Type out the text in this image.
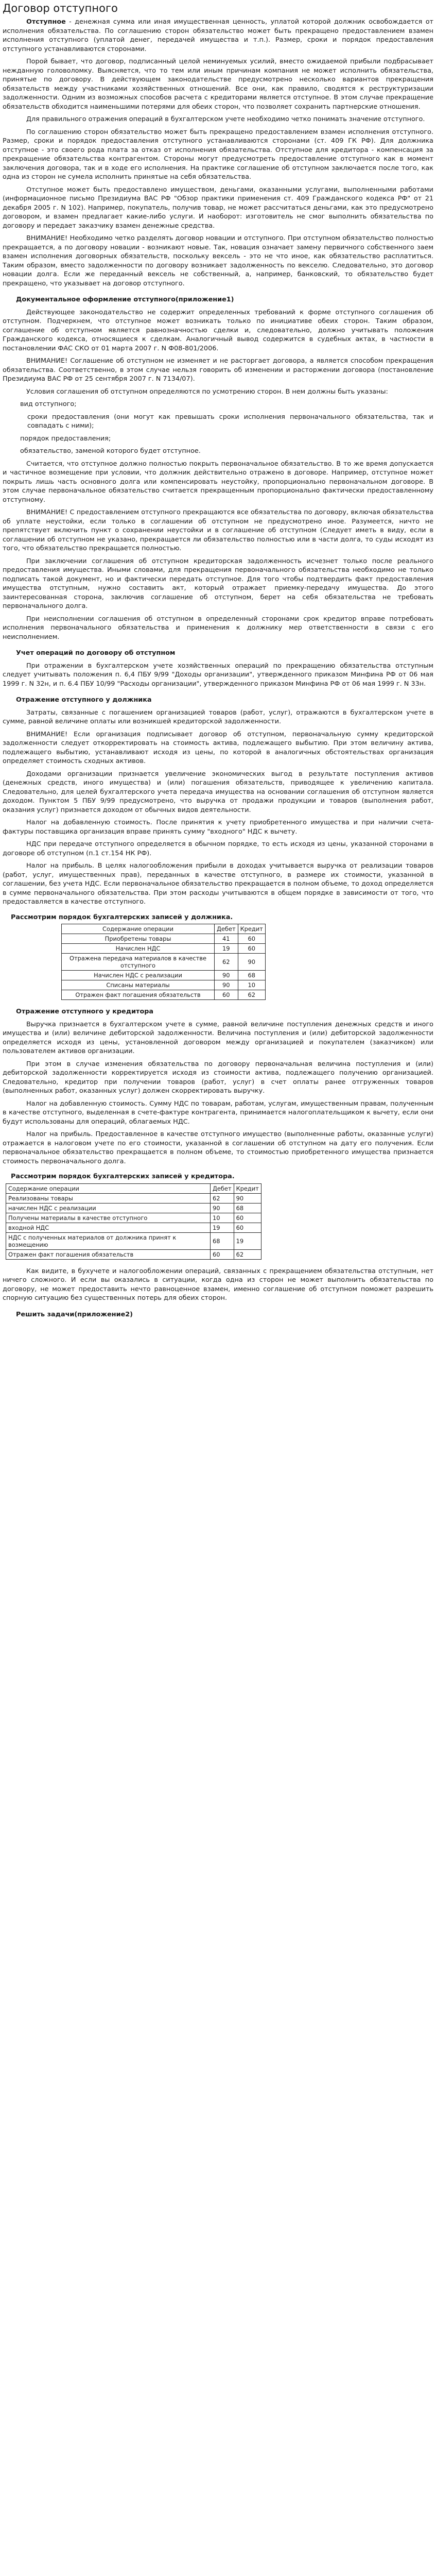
Договор отступного

Отступное - денежная сумма или иная имущественная ценность, уплатой которой должник освобождается от исполнения обязательства. По соглашению сторон обязательство может быть прекращено предоставлением взамен исполнения отступного (уплатой денег, передачей имущества и т.п.). Размер, сроки и порядок предоставления отступного устанавливаются сторонами.

Порой бывает, что договор, подписанный целой неминуемых усилий, вместо ожидаемой прибыли подбрасывает нежданную головоломку. Выясняется, что то тем или иным причинам компания не может исполнить обязательства, принятые по договору. В действующем законодательстве предусмотрено несколько вариантов прекращения обязательств между участниками хозяйственных отношений. Все они, как правило, сводятся к реструктуризации задолженности. Одним из возможных способов расчета с кредиторами является отступное. В этом случае прекращение обязательств обходится наименьшими потерями для обеих сторон, что позволяет сохранить партнерские отношения.

Для правильного отражения операций в бухгалтерском учете необходимо четко понимать значение отступного.

По соглашению сторон обязательство может быть прекращено предоставлением взамен исполнения отступного. Размер, сроки и порядок предоставления отступного устанавливаются сторонами (ст. 409 ГК РФ). Для должника отступное - это своего рода плата за отказ от исполнения обязательства. Отступное для кредитора - компенсация за прекращение обязательства контрагентом. Стороны могут предусмотреть предоставление отступного как в момент заключения договора, так и в ходе его исполнения. На практике соглашение об отступном заключается после того, как одна из сторон не сумела исполнить принятые на себя обязательства.

Отступное может быть предоставлено имуществом, деньгами, оказанными услугами, выполненными работами (информационное письмо Президиума ВАС РФ "Обзор практики применения ст. 409 Гражданского кодекса РФ" от 21 декабря 2005 г. N 102). Например, покупатель, получив товар, не может рассчитаться деньгами, как это предусмотрено договором, и взамен предлагает какие-либо услуги. И наоборот: изготовитель не смог выполнить обязательства по договору и передает заказчику взамен денежные средства.

ВНИМАНИЕ! Необходимо четко разделять договор новации и отступного. При отступном обязательство полностью прекращается, а по договору новации - возникают новые. Так, новация означает замену первичного собственного заем взамен исполнения договорных обязательств, поскольку вексель - это не что иное, как обязательство расплатиться. Таким образом, вместо задолженности по договору возникает задолженность по векселю. Следовательно, это договор новации долга. Если же переданный вексель не собственный, а, например, банковский, то обязательство будет прекращено, что указывает на договор отступного.

Документальное оформление отступного(приложение1)

Действующее законодательство не содержит определенных требований к форме отступного соглашения об отступном. Подчеркнем, что отступное может возникать только по инициативе обеих сторон. Таким образом, соглашение об отступном является равнозначностью сделки и, следовательно, должно учитывать положения Гражданского кодекса, относящиеся к сделкам. Аналогичный вывод содержится в судебных актах, в частности в постановлении ФАС СКО от 01 марта 2007 г. N Ф08-801/2006.

ВНИМАНИЕ! Соглашение об отступном не изменяет и не расторгает договора, а является способом прекращения обязательства. Соответственно, в этом случае нельзя говорить об изменении и расторжении договора (постановление Президиума ВАС РФ от 25 сентября 2007 г. N 7134/07).

Условия соглашения об отступном определяются по усмотрению сторон. В нем должны быть указаны:

вид отступного;

сроки предоставления (они могут как превышать сроки исполнения первоначального обязательства, так и совпадать с ними);

порядок предоставления;

обязательство, заменой которого будет отступное.

Считается, что отступное должно полностью покрыть первоначальное обязательство. В то же время допускается и частичное возмещение при условии, что должник действительно отражено в договоре. Например, отступное может покрыть лишь часть основного долга или компенсировать неустойку, пропорционально первоначальном договоре. В этом случае первоначальное обязательство считается прекращенным пропорционально фактически предоставленному отступному.

ВНИМАНИЕ! С предоставлением отступного прекращаются все обязательства по договору, включая обязательства об уплате неустойки, если только в соглашении об отступном не предусмотрено иное. Разумеется, ничто не препятствует включить пункт о сохранении неустойки и в соглашение об отступном (Следует иметь в виду, если в соглашении об отступном не указано, прекращается ли обязательство полностью или в части долга, то суды исходят из того, что обязательство прекращается полностью.

При заключении соглашения об отступном кредиторская задолженность исчезнет только после реального предоставления имущества. Иными словами, для прекращения первоначального обязательства необходимо не только подписать такой документ, но и фактически передать отступное. Для того чтобы подтвердить факт предоставления имущества отступным, нужно составить акт, который отражает приемку-передачу имущества. До этого заинтересованная сторона, заключив соглашение об отступном, берет на себя обязательства не требовать первоначального долга.

При неисполнении соглашения об отступном в определенный сторонами срок кредитор вправе потребовать исполнения первоначального обязательства и применения к должнику мер ответственности в связи с его неисполнением.

Учет операций по договору об отступном

При отражении в бухгалтерском учете хозяйственных операций по прекращению обязательства отступным следует учитывать положения п. 6,4 ПБУ 9/99 "Доходы организации", утвержденного приказом Минфина РФ от 06 мая 1999 г. N 32н, и п. 6.4 ПБУ 10/99 "Расходы организации", утвержденного приказом Минфина РФ от 06 мая 1999 г. N 33н.

Отражение отступного у должника

Затраты, связанные с погашением организацией товаров (работ, услуг), отражаются в бухгалтерском учете в сумме, равной величине оплаты или возникшей кредиторской задолженности.

ВНИМАНИЕ! Если организация подписывает договор об отступном, первоначальную сумму кредиторской задолженности следует откорректировать на стоимость актива, подлежащего выбытию. При этом величину актива, подлежащего выбытию, устанавливают исходя из цены, по которой в аналогичных обстоятельствах организация определяет стоимость сходных активов.

Доходами организации признается увеличение экономических выгод в результате поступления активов (денежных средств, иного имущества) и (или) погашения обязательств, приводящее к увеличению капитала. Следовательно, для целей бухгалтерского учета передача имущества на основании соглашения об отступном является доходом. Пунктом 5 ПБУ 9/99 предусмотрено, что выручка от продажи продукции и товаров (выполнения работ, оказания услуг) признается доходом от обычных видов деятельности.

Налог на добавленную стоимость. После принятия к учету приобретенного имущества и при наличии счета-фактуры поставщика организация вправе принять сумму "входного" НДС к вычету.

НДС при передаче отступного определяется в обычном порядке, то есть исходя из цены, указанной сторонами в договоре об отступном (п.1 ст.154 НК РФ).

Налог на прибыль. В целях налогообложения прибыли в доходах учитывается выручка от реализации товаров (работ, услуг, имущественных прав), переданных в качестве отступного, в размере их стоимости, указанной в соглашении, без учета НДС. Если первоначальное обязательство прекращается в полном объеме, то доход определяется в сумме первоначального обязательства. При этом расходы учитываются в общем порядке в зависимости от того, что предоставляется в качестве отступного.

Рассмотрим порядок бухгалтерских записей у должника.
Содержание операции	Дебет	Кредит
Приобретены товары	41	60
Начислен НДС	19	60
Отражена передача материалов в качестве отступного	62	90
Начислен НДС с реализации	90	68
Списаны материалы	90	10
Отражен факт погашения обязательств	60	62

Отражение отступного у кредитора

Выручка признается в бухгалтерском учете в сумме, равной величине поступления денежных средств и иного имущества и (или) величине дебиторской задолженности. Величина поступления и (или) дебиторской задолженности определяется исходя из цены, установленной договором между организацией и покупателем (заказчиком) или пользователем активов организации.

При этом в случае изменения обязательства по договору первоначальная величина поступления и (или) дебиторской задолженности корректируется исходя из стоимости актива, подлежащего получению организацией. Следовательно, кредитор при получении товаров (работ, услуг) в счет оплаты ранее отгруженных товаров (выполненных работ, оказанных услуг) должен скорректировать выручку.

Налог на добавленную стоимость. Сумму НДС по товарам, работам, услугам, имущественным правам, полученным в качестве отступного, выделенная в счете-фактуре контрагента, принимается налогоплательщиком к вычету, если они будут использованы для операций, облагаемых НДС.

Налог на прибыль. Предоставленное в качестве отступного имущество (выполненные работы, оказанные услуги) отражается в налоговом учете по его стоимости, указанной в соглашении об отступном на дату его получения. Если первоначальное обязательство прекращается в полном объеме, то стоимостью приобретенного имущества признается стоимость первоначального долга.

Рассмотрим порядок бухгалтерских записей у кредитора.
Содержание операции	Дебет	Кредит
Реализованы товары	62	90
начислен НДС с реализации	90	68
Получены материалы в качестве отступного	10	60
входной НДС	19	60
НДС с полученных материалов от должника принят к возмещению	68	19
Отражен факт погашения обязательств	60	62

Как видите, в бухучете и налогообложении операций, связанных с прекращением обязательства отступным, нет ничего сложного. И если вы оказались в ситуации, когда одна из сторон не может выполнить обязательства по договору, не может предоставить нечто равноценное взамен, именно соглашение об отступном поможет разрешить спорную ситуацию без существенных потерь для обеих сторон.

Решить задачи(приложение2)
